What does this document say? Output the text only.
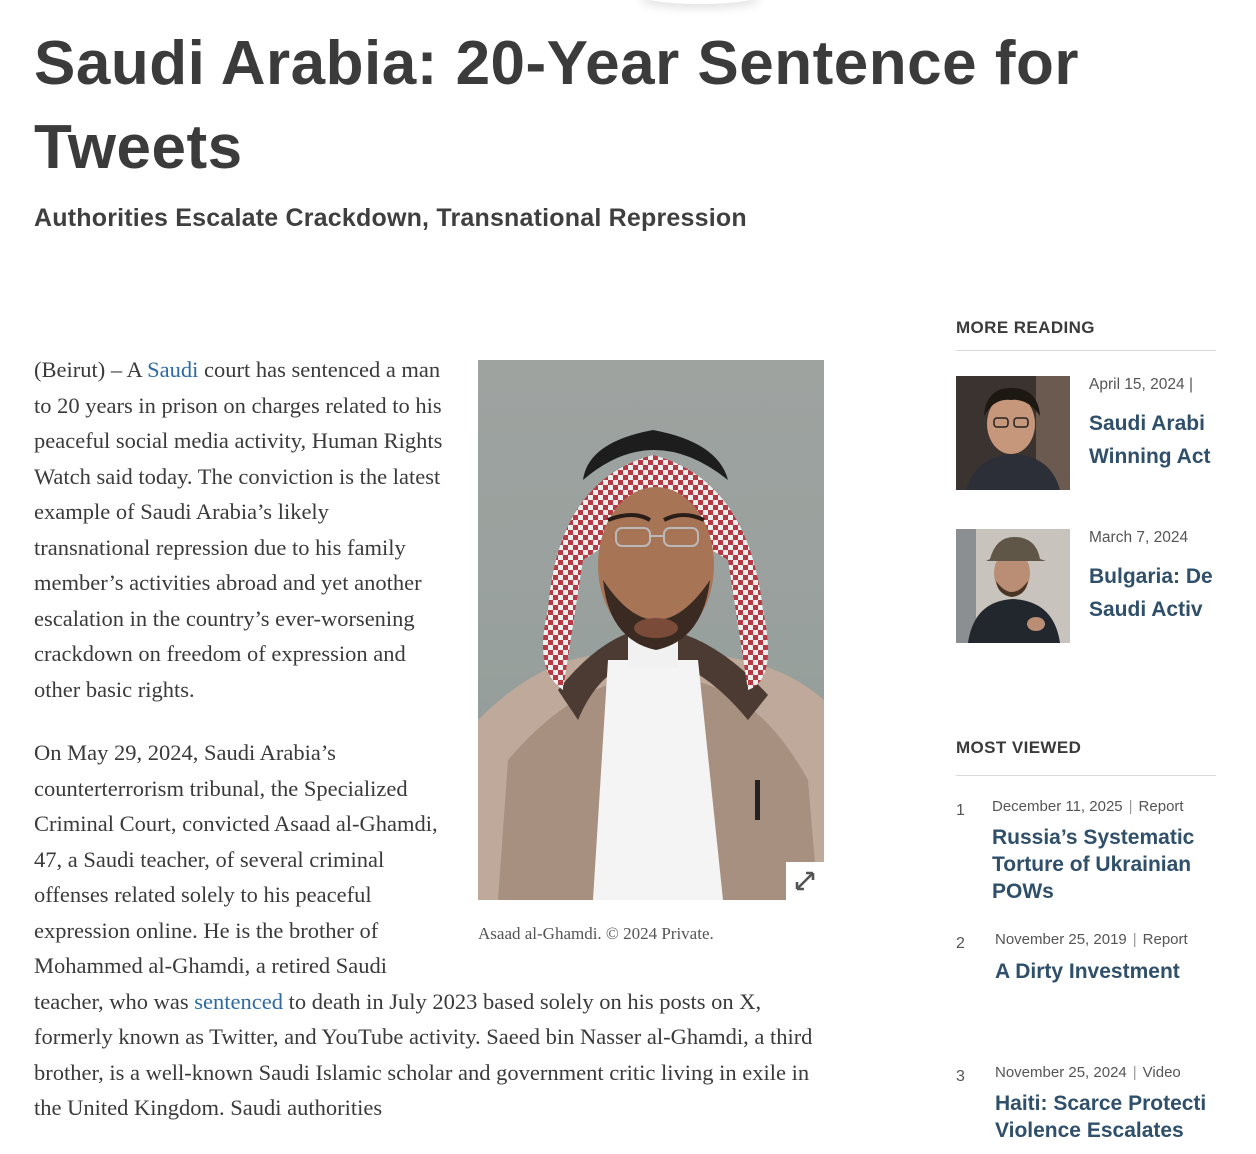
Saudi Arabia: 20-Year Sentence for Tweets
Authorities Escalate Crackdown, Transnational Repression
Asaad al-Ghamdi. © 2024 Private.

(Beirut) – A Saudi court has sentenced a man to 20 years in prison on charges related to his peaceful social media activity, Human Rights Watch said today. The conviction is the latest example of Saudi Arabia’s likely transnational repression due to his family member’s activities abroad and yet another escalation in the country’s ever-worsening crackdown on freedom of expression and other basic rights.

On May 29, 2024, Saudi Arabia’s counterterrorism tribunal, the Specialized Criminal Court, convicted Asaad al-Ghamdi, 47, a Saudi teacher, of several criminal offenses related solely to his peaceful expression online. He is the brother of Mohammed al-Ghamdi, a retired Saudi teacher, who was sentenced to death in July 2023 based solely on his posts on X, formerly known as Twitter, and YouTube activity. Saeed bin Nasser al-Ghamdi, a third brother, is a well-known Saudi Islamic scholar and government critic living in exile in the United Kingdom. Saudi authorities

MORE READING
April 15, 2024 |
Saudi Arabi
Winning Act
March 7, 2024
Bulgaria: De
Saudi Activ
MOST VIEWED
1 December 11, 2025 | Report
Russia’s Systematic
Torture of Ukrainian
POWs
2 November 25, 2019 | Report
A Dirty Investment
3 November 25, 2024 | Video
Haiti: Scarce Protecti
Violence Escalates
